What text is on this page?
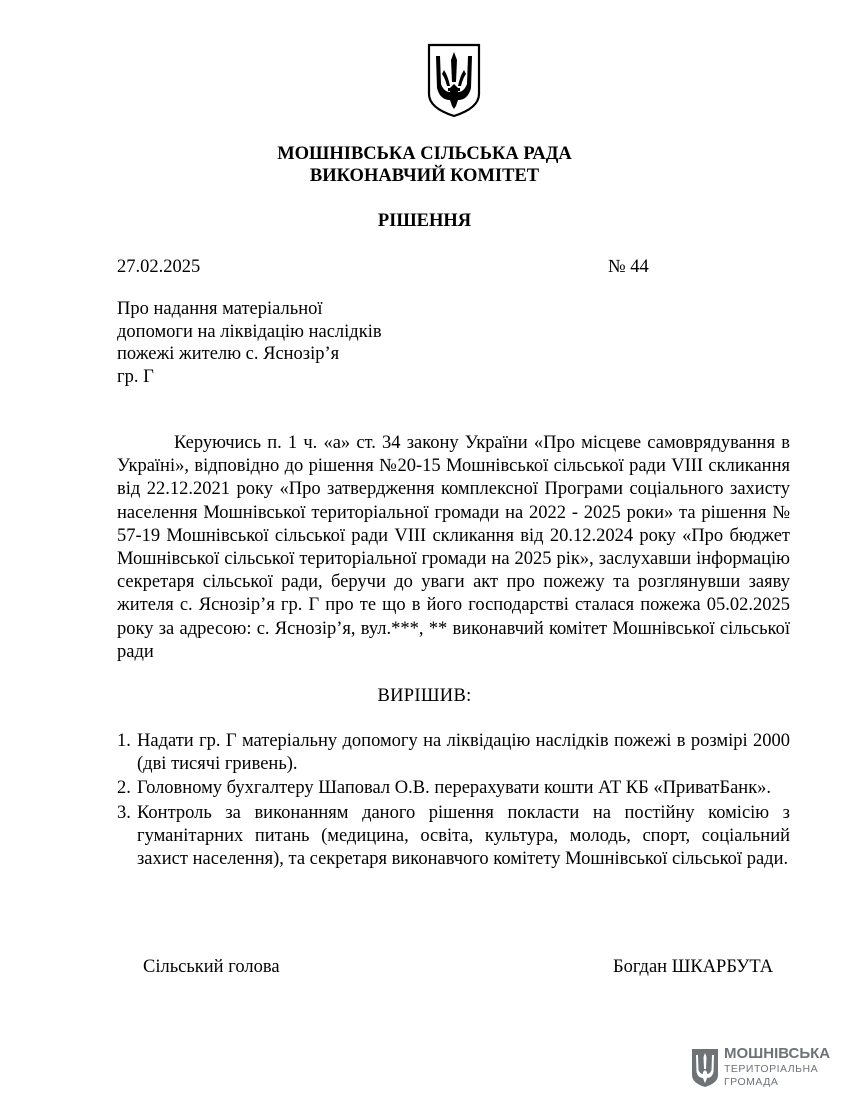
МОШНІВСЬКА СІЛЬСЬКА РАДА
ВИКОНАВЧИЙ КОМІТЕТ
РІШЕННЯ
27.02.2025	№ 44
Про надання матеріальної
допомоги на ліквідацію наслідків
пожежі жителю с. Яснозір’я
гр. Г

Керуючись п. 1 ч. «а» ст. 34 закону України «Про місцеве самоврядування в Україні», відповідно до рішення №20-15 Мошнівської сільської ради VIII скликання від 22.12.2021 року «Про затвердження комплексної Програми соціального захисту населення Мошнівської територіальної громади на 2022 - 2025 роки» та рішення № 57-19 Мошнівської сільської ради VIII скликання від 20.12.2024 року «Про бюджет Мошнівської сільської територіальної громади на 2025 рік», заслухавши інформацію секретаря сільської ради, беручи до уваги акт про пожежу та розглянувши заяву жителя с. Яснозір’я гр. Г про те що в його господарстві сталася пожежа 05.02.2025 року за адресою: с. Яснозір’я, вул.***, ** виконавчий комітет Мошнівської сільської ради

ВИРІШИВ:
1. Надати гр. Г матеріальну допомогу на ліквідацію наслідків пожежі в розмірі 2000 (дві тисячі гривень).
2. Головному бухгалтеру Шаповал О.В. перерахувати кошти АТ КБ «ПриватБанк».
3. Контроль за виконанням даного рішення покласти на постійну комісію з гуманітарних питань (медицина, освіта, культура, молодь, спорт, соціальний захист населення), та секретаря виконавчого комітету Мошнівської сільської ради.
Сільський голова	Богдан ШКАРБУТА
МОШНІВСЬКА
ТЕРИТОРІАЛЬНА
ГРОМАДА
